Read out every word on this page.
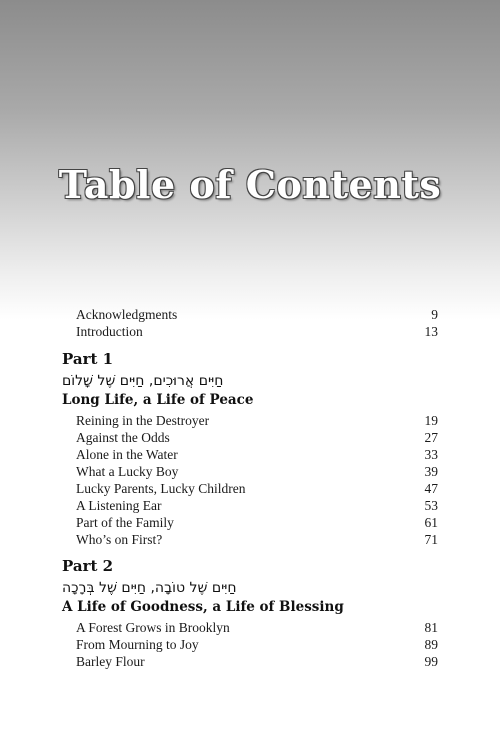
Table of Contents
Acknowledgments	9
Introduction	13
Part 1
חַיִּים אֲרוּכִים, חַיִּים שֶׁל שָׁלוֹם
Long Life, a Life of Peace
Reining in the Destroyer	19
Against the Odds	27
Alone in the Water	33
What a Lucky Boy	39
Lucky Parents, Lucky Children	47
A Listening Ear	53
Part of the Family	61
Who’s on First?	71
Part 2
חַיִּים שֶׁל טוֹבָה, חַיִּים שֶׁל בְּרָכָה
A Life of Goodness, a Life of Blessing
A Forest Grows in Brooklyn	81
From Mourning to Joy	89
Barley Flour	99
